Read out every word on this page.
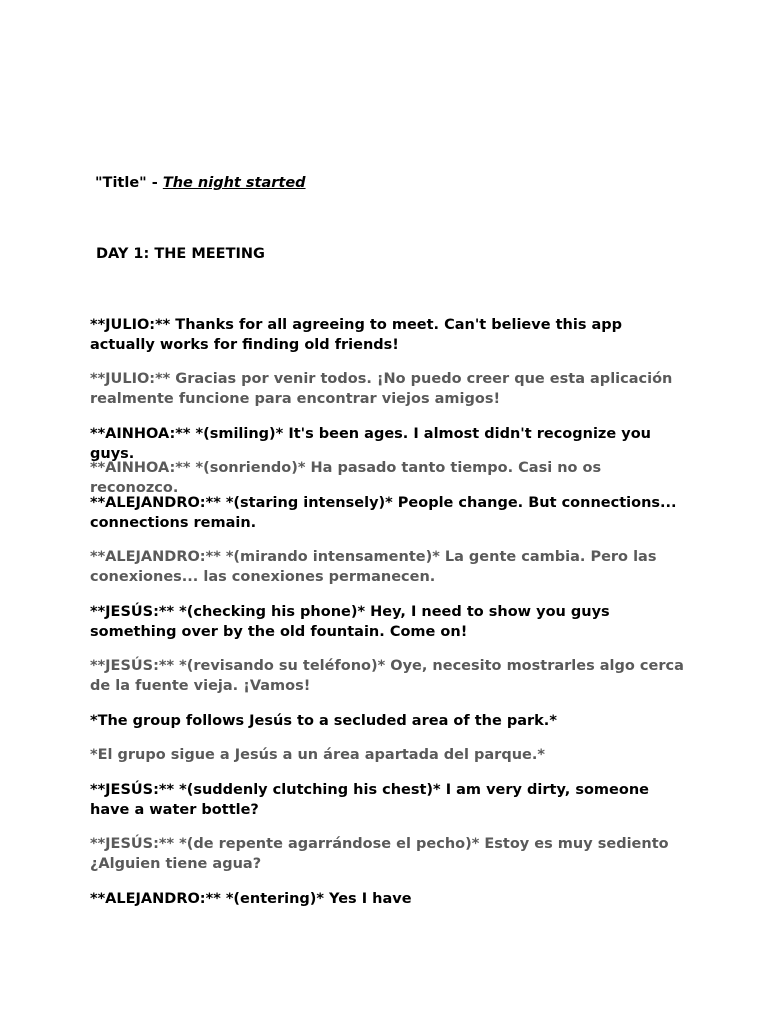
"Title" - The night started
DAY 1: THE MEETING
**JULIO:** Thanks for all agreeing to meet. Can't believe this app actually works for finding old friends!
**JULIO:** Gracias por venir todos. ¡No puedo creer que esta aplicación realmente funcione para encontrar viejos amigos!
**AINHOA:** *(smiling)* It's been ages. I almost didn't recognize you guys.
**AINHOA:** *(sonriendo)* Ha pasado tanto tiempo. Casi no os reconozco.
**ALEJANDRO:** *(staring intensely)* People change. But connections... connections remain.
**ALEJANDRO:** *(mirando intensamente)* La gente cambia. Pero las conexiones... las conexiones permanecen.
**JESÚS:** *(checking his phone)* Hey, I need to show you guys something over by the old fountain. Come on!
**JESÚS:** *(revisando su teléfono)* Oye, necesito mostrarles algo cerca de la fuente vieja. ¡Vamos!
*The group follows Jesús to a secluded area of the park.*
*El grupo sigue a Jesús a un área apartada del parque.*
**JESÚS:** *(suddenly clutching his chest)* I am very dirty, someone have a water bottle?
**JESÚS:** *(de repente agarrándose el pecho)* Estoy es muy sediento ¿Alguien tiene agua?
**ALEJANDRO:** *(entering)* Yes I have
